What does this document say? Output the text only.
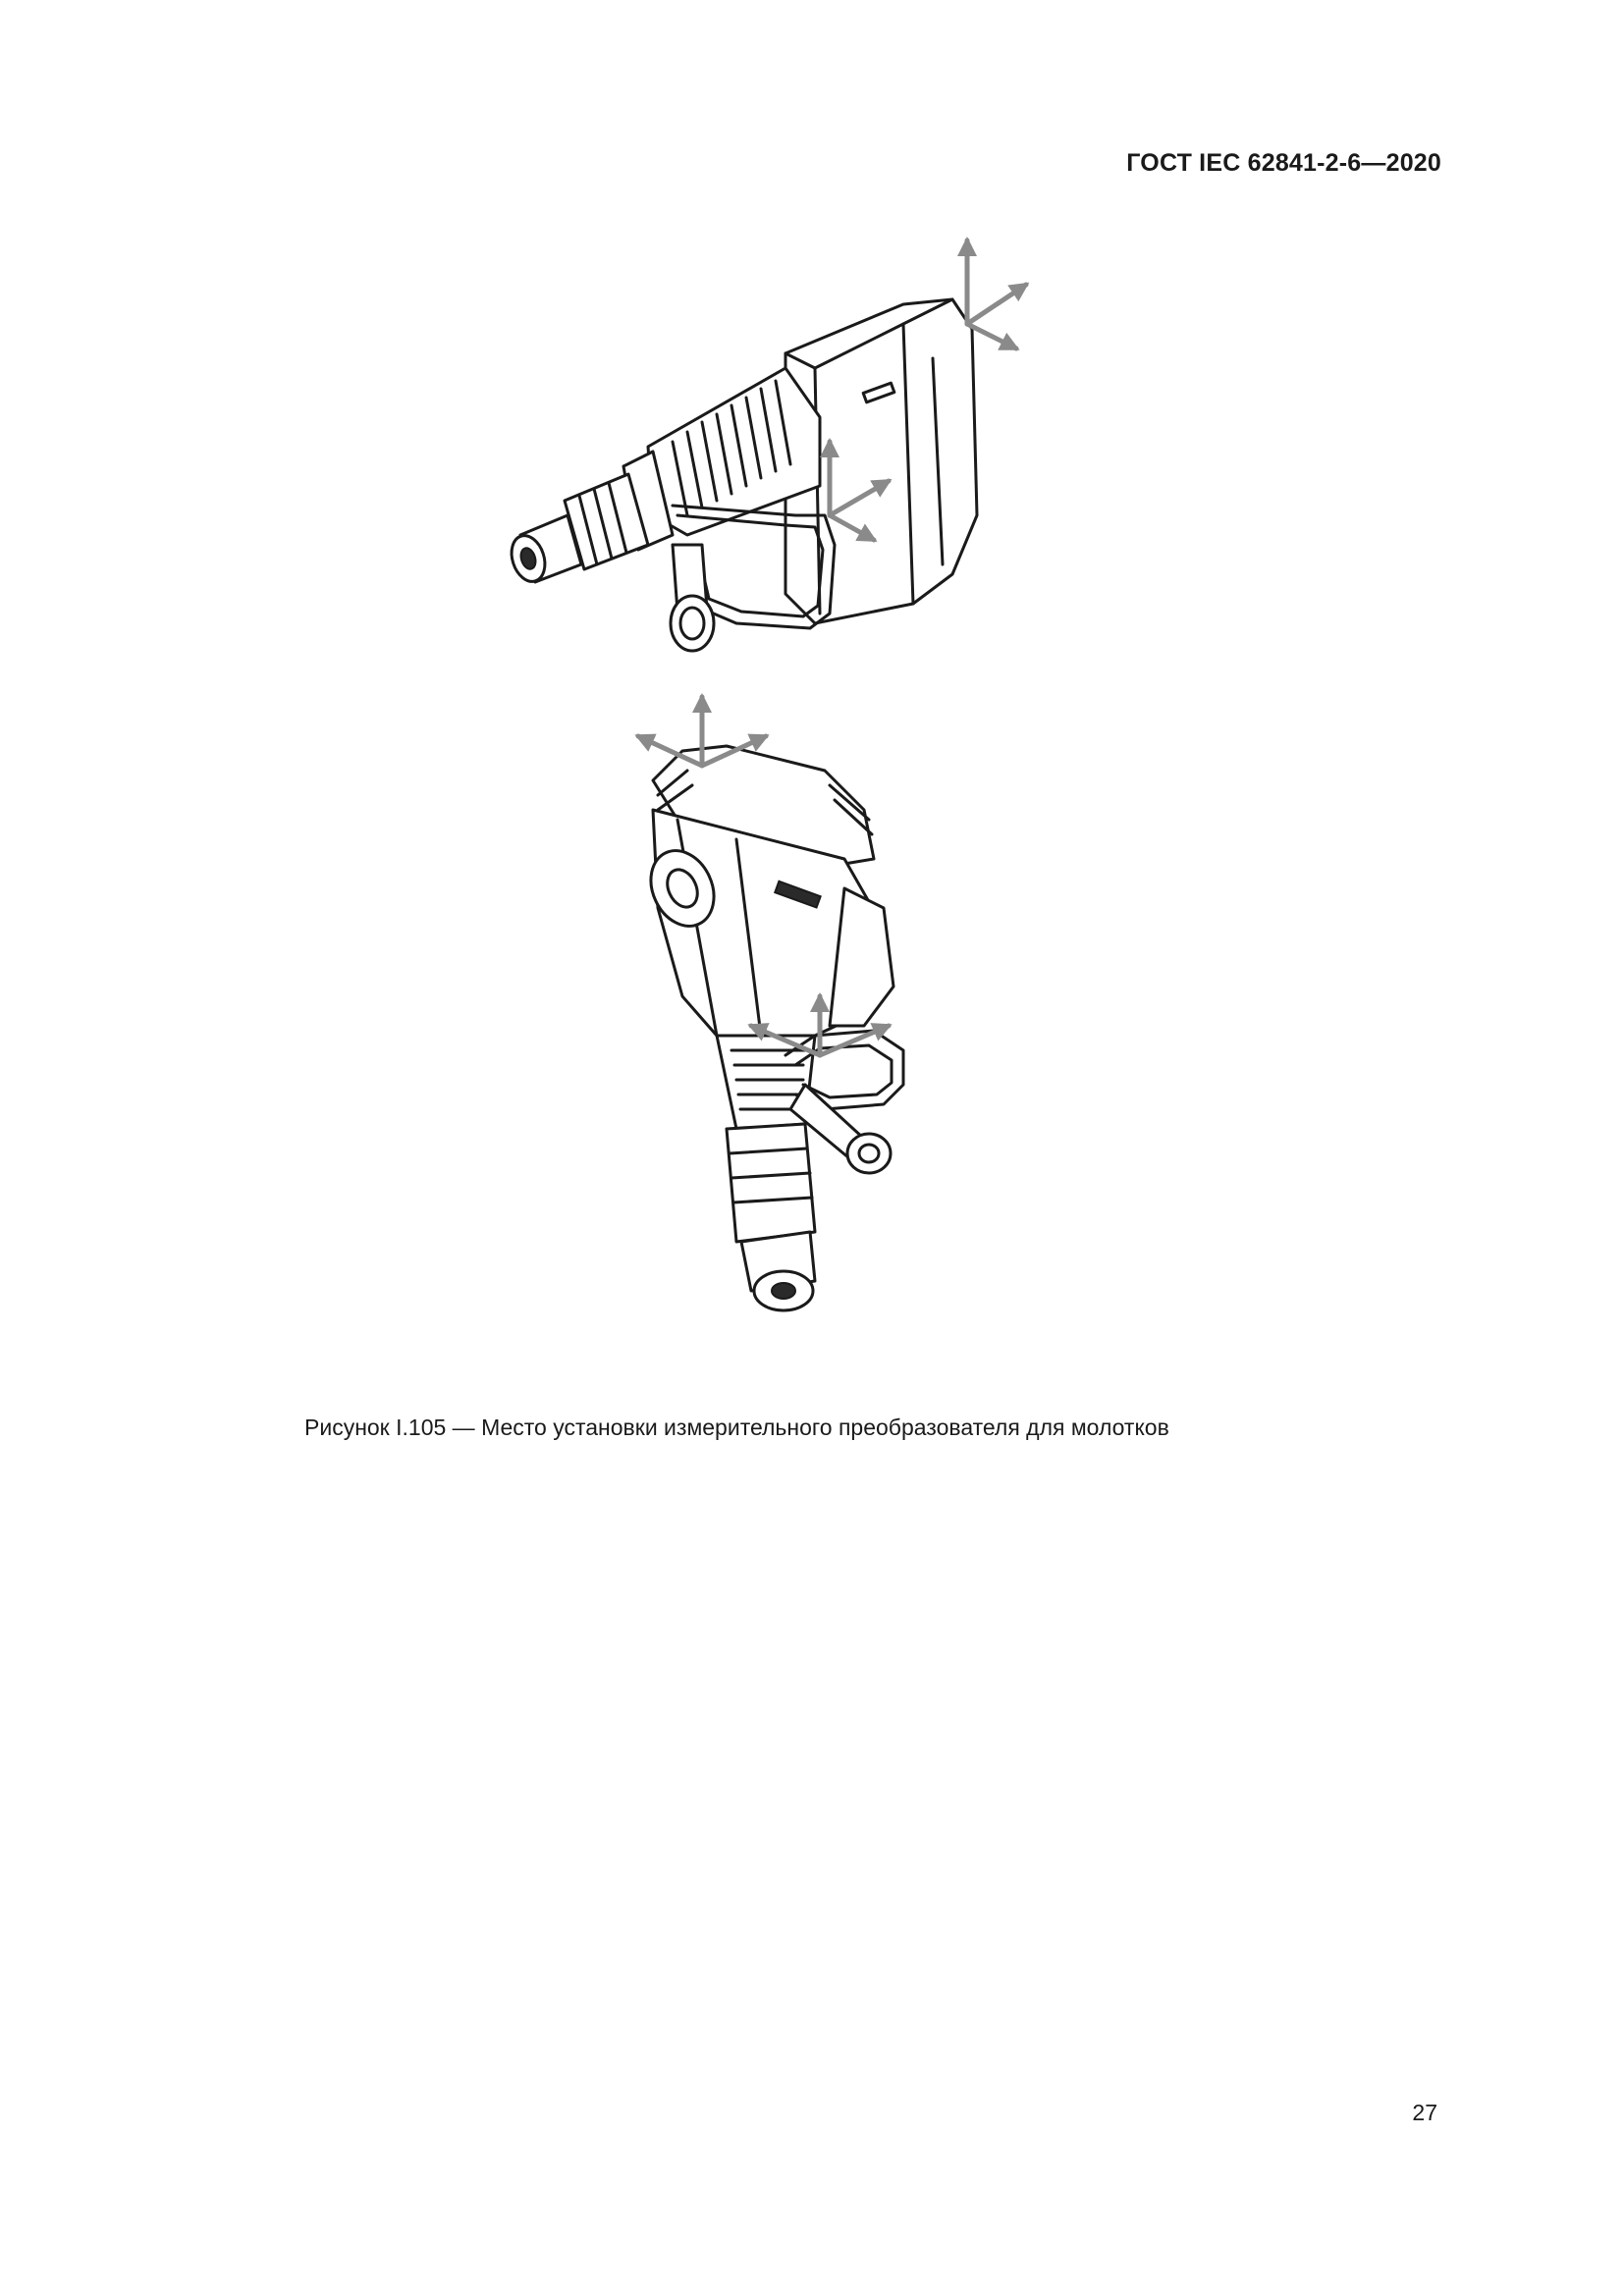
ГОСТ IEC 62841-2-6—2020
Рисунок I.105 — Место установки измерительного преобразователя для молотков
27
